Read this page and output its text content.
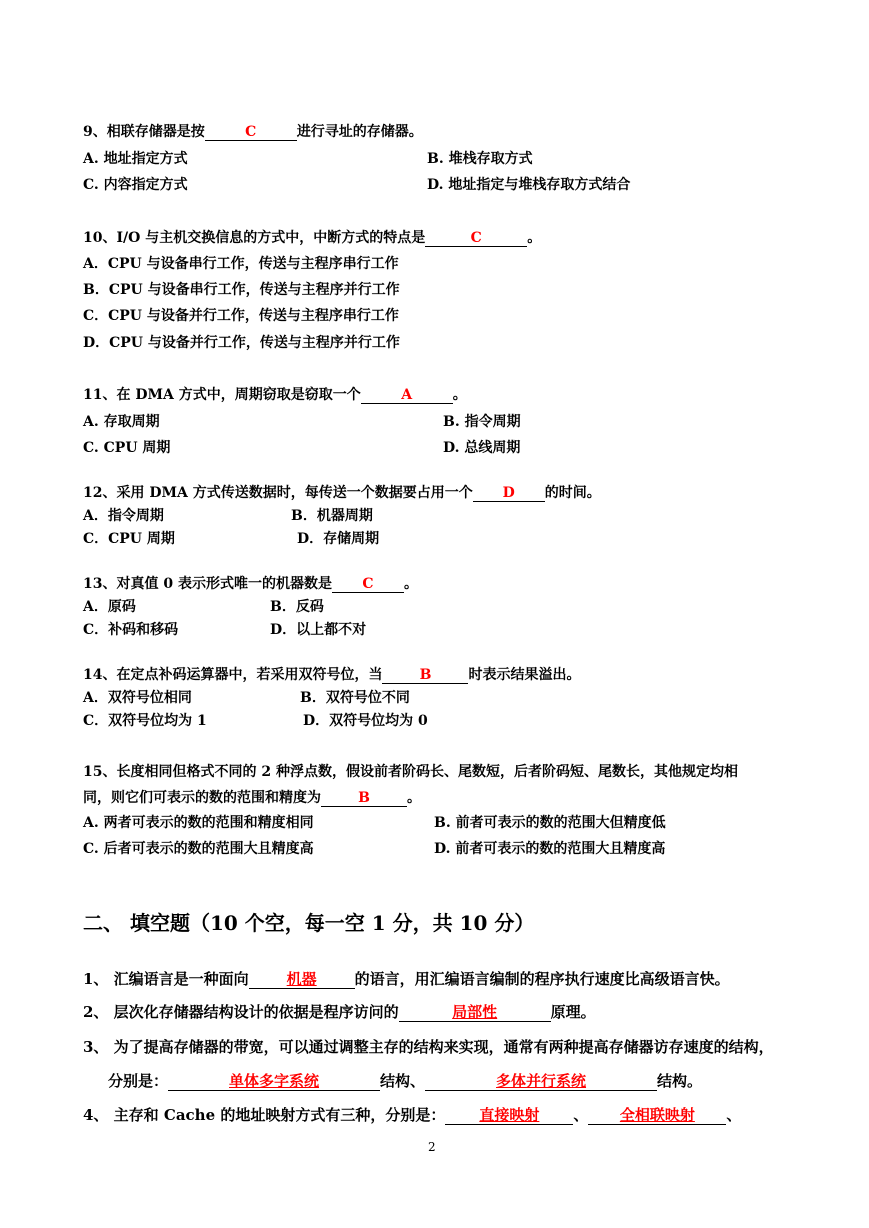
9、相联存储器是按	C	进行寻址的存储器。
A. 地址指定方式	B. 堆栈存取方式
C. 内容指定方式	D. 地址指定与堆栈存取方式结合
10、I/O 与主机交换信息的方式中，中断方式的特点是	C	。
A．CPU 与设备串行工作，传送与主程序串行工作
B．CPU 与设备串行工作，传送与主程序并行工作
C．CPU 与设备并行工作，传送与主程序串行工作
D．CPU 与设备并行工作，传送与主程序并行工作
11、在 DMA 方式中，周期窃取是窃取一个	A	。
A. 存取周期	B. 指令周期
C. CPU 周期	D. 总线周期
12、采用 DMA 方式传送数据时，每传送一个数据要占用一个 D 的时间。
A．指令周期	B．机器周期
C．CPU 周期	D．存储周期
13、对真值 0 表示形式唯一的机器数是 C 。
A．原码	B．反码
C．补码和移码	D．以上都不对
14、在定点补码运算器中，若采用双符号位，当	B	时表示结果溢出。
A．双符号位相同	B．双符号位不同
C．双符号位均为 1	D．双符号位均为 0
15、长度相同但格式不同的 2 种浮点数，假设前者阶码长、尾数短，后者阶码短、尾数长，其他规定均相
同，则它们可表示的数的范围和精度为	B	。
A. 两者可表示的数的范围和精度相同	B. 前者可表示的数的范围大但精度低
C. 后者可表示的数的范围大且精度高	D. 前者可表示的数的范围大且精度高
二、 填空题（10 个空，每一空 1 分，共 10 分）
1、 汇编语言是一种面向	机器	的语言，用汇编语言编制的程序执行速度比高级语言快。
2、 层次化存储器结构设计的依据是程序访问的	局部性	原理。
3、 为了提高存储器的带宽，可以通过调整主存的结构来实现，通常有两种提高存储器访存速度的结构，
分别是：	单体多字系统	结构、	多体并行系统	结构。
4、 主存和 Cache 的地址映射方式有三种，分别是： 直接映射 、 全相联映射 、
2
